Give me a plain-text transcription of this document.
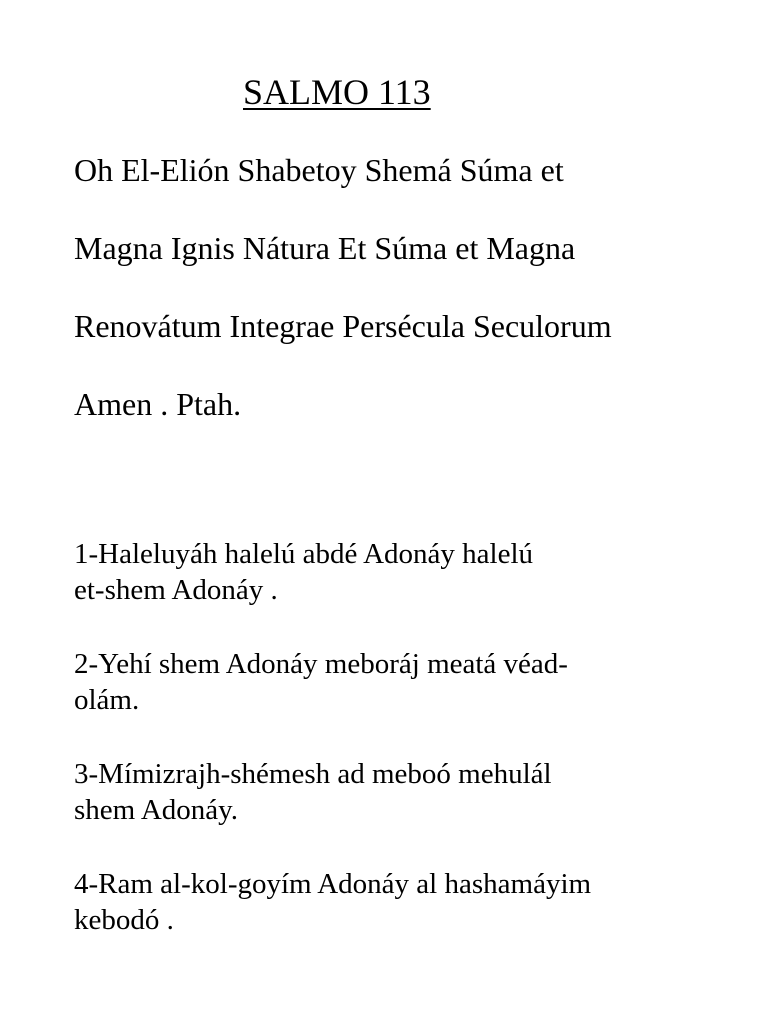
SALMO 113
Oh El-Elión Shabetoy Shemá Súma et
Magna Ignis Nátura Et Súma et Magna
Renovátum Integrae Persécula Seculorum
Amen . Ptah.
1-Haleluyáh halelú abdé Adonáy halelú
et-shem Adonáy .
2-Yehí shem Adonáy meboráj meatá véad-
olám.
3-Mímizrajh-shémesh ad meboó mehulál
shem Adonáy.
4-Ram al-kol-goyím Adonáy al hashamáyim
kebodó .
